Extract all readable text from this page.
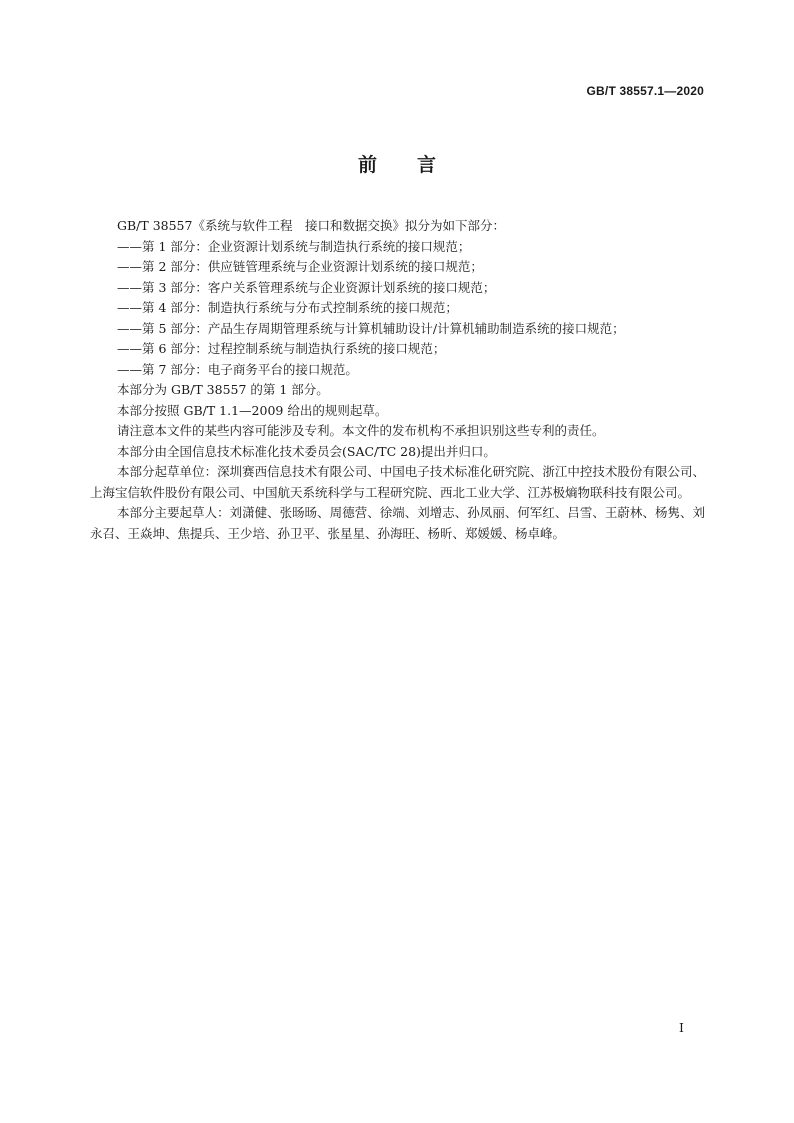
GB/T 38557.1—2020
前言

GB/T 38557《系统与软件工程　接口和数据交换》拟分为如下部分：

——第 1 部分：企业资源计划系统与制造执行系统的接口规范；

——第 2 部分：供应链管理系统与企业资源计划系统的接口规范；

——第 3 部分：客户关系管理系统与企业资源计划系统的接口规范；

——第 4 部分：制造执行系统与分布式控制系统的接口规范；

——第 5 部分：产品生存周期管理系统与计算机辅助设计/计算机辅助制造系统的接口规范；

——第 6 部分：过程控制系统与制造执行系统的接口规范；

——第 7 部分：电子商务平台的接口规范。

本部分为 GB/T 38557 的第 1 部分。

本部分按照 GB/T 1.1—2009 给出的规则起草。

请注意本文件的某些内容可能涉及专利。本文件的发布机构不承担识别这些专利的责任。

本部分由全国信息技术标准化技术委员会(SAC/TC 28)提出并归口。

本部分起草单位：深圳赛西信息技术有限公司、中国电子技术标准化研究院、浙江中控技术股份有限公司、上海宝信软件股份有限公司、中国航天系统科学与工程研究院、西北工业大学、江苏极熵物联科技有限公司。

本部分主要起草人：刘潇健、张旸旸、周德营、徐端、刘增志、孙凤丽、何军红、吕雪、王蔚林、杨隽、刘永召、王焱坤、焦提兵、王少培、孙卫平、张星星、孙海旺、杨昕、郑媛媛、杨卓峰。

I
